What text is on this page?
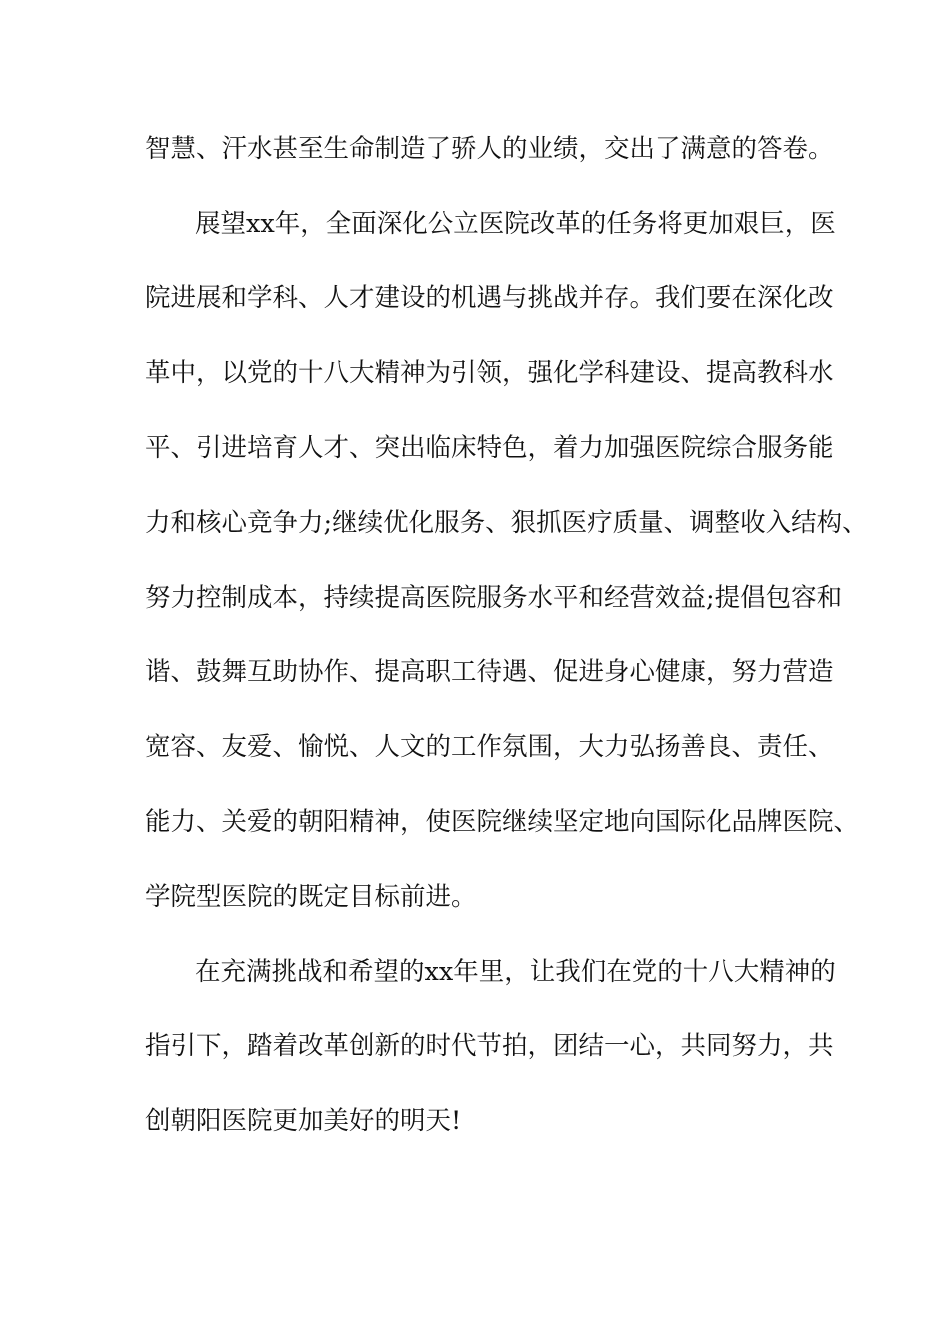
智慧、汗水甚至生命制造了骄人的业绩，交出了满意的答卷。

展望xx年，全面深化公立医院改革的任务将更加艰巨，医

院进展和学科、人才建设的机遇与挑战并存。我们要在深化改

革中，以党的十八大精神为引领，强化学科建设、提高教科水

平、引进培育人才、突出临床特色，着力加强医院综合服务能

力和核心竞争力;继续优化服务、狠抓医疗质量、调整收入结构、

努力控制成本，持续提高医院服务水平和经营效益;提倡包容和

谐、鼓舞互助协作、提高职工待遇、促进身心健康，努力营造

宽容、友爱、愉悦、人文的工作氛围，大力弘扬善良、责任、

能力、关爱的朝阳精神，使医院继续坚定地向国际化品牌医院、

学院型医院的既定目标前进。

在充满挑战和希望的xx年里，让我们在党的十八大精神的

指引下，踏着改革创新的时代节拍，团结一心，共同努力，共

创朝阳医院更加美好的明天!
